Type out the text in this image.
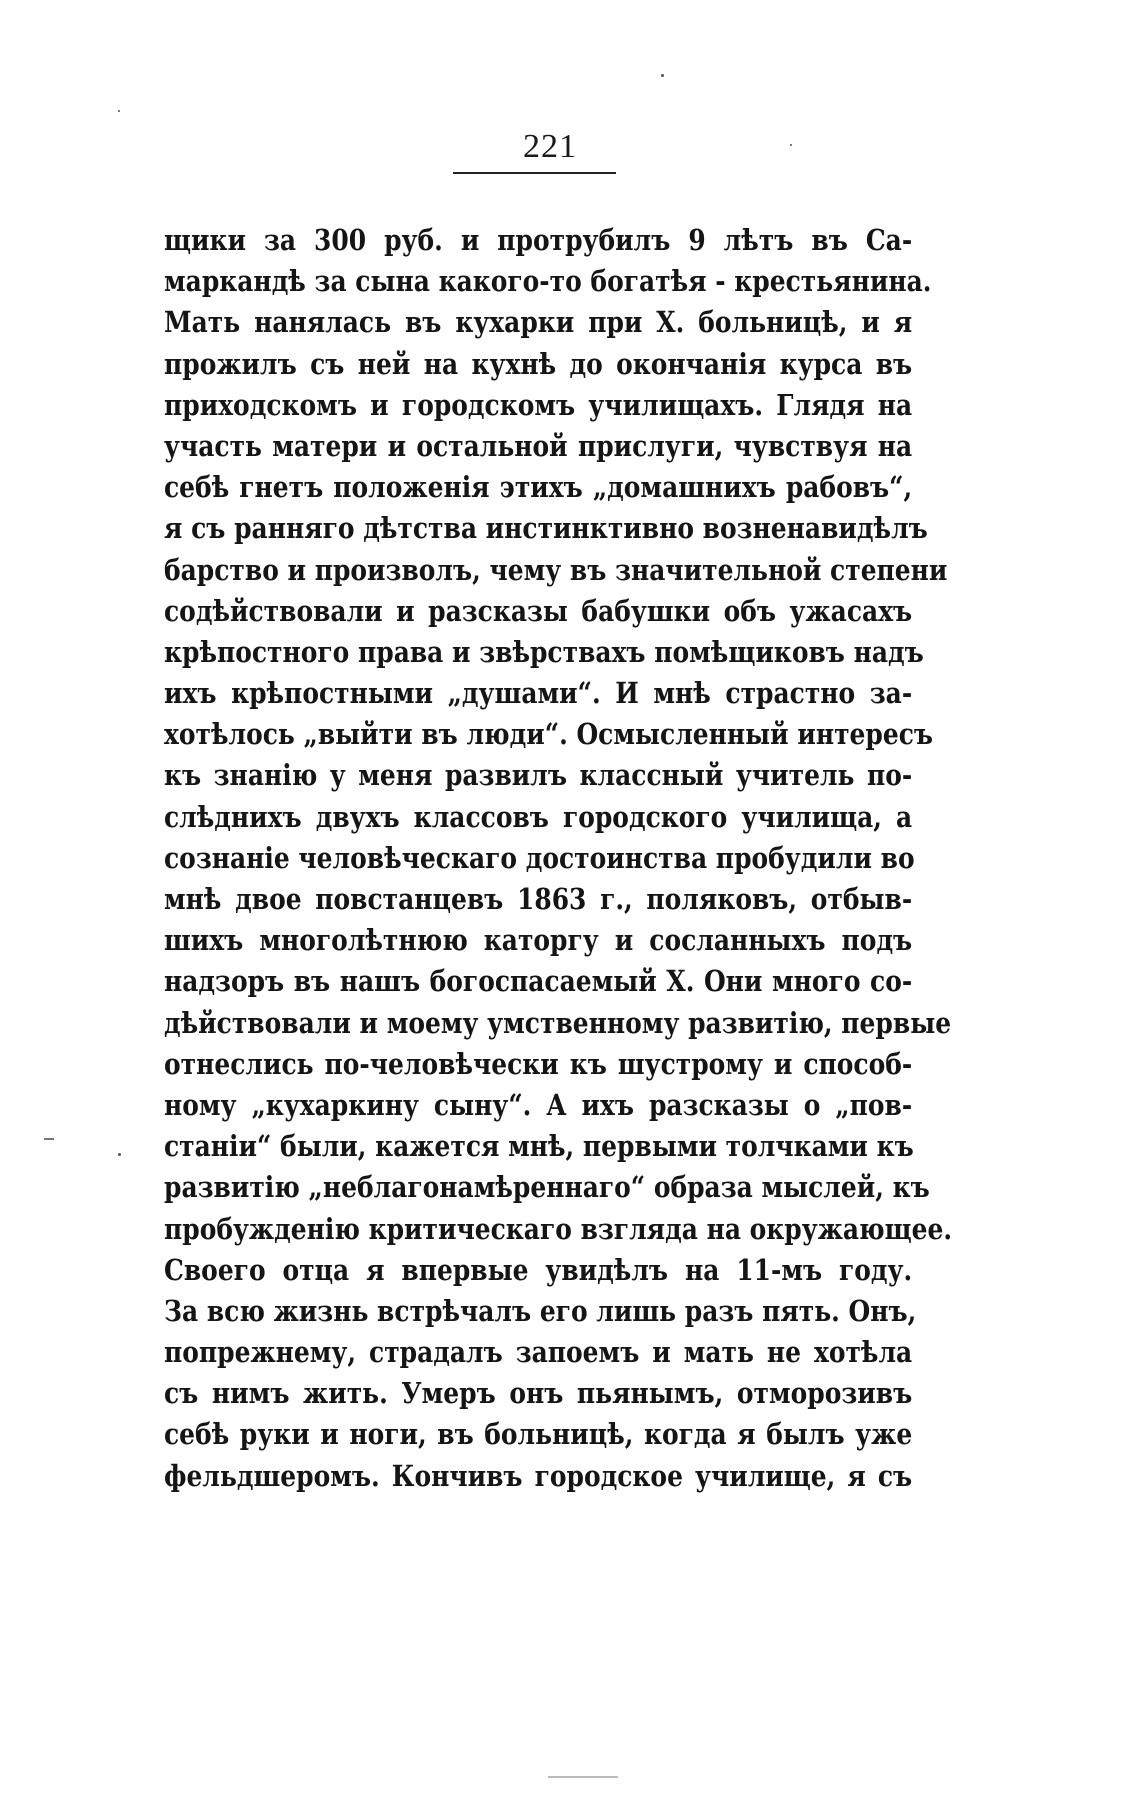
221
щики за 300 руб. и протрубилъ 9 лѣтъ въ Са-
маркандѣ за сына какого-то богатѣя - крестьянина.
Мать нанялась въ кухарки при X. больницѣ, и я
прожилъ съ ней на кухнѣ до окончанія курса въ
приходскомъ и городскомъ училищахъ. Глядя на
участь матери и остальной прислуги, чувствуя на
себѣ гнетъ положенія этихъ „домашнихъ рабовъ“,
я съ ранняго дѣтства инстинктивно возненавидѣлъ
барство и произволъ, чему въ значительной степени
содѣйствовали и разсказы бабушки объ ужасахъ
крѣпостного права и звѣрствахъ помѣщиковъ надъ
ихъ крѣпостными „душами“. И мнѣ страстно за-
хотѣлось „выйти въ люди“. Осмысленный интересъ
къ знанію у меня развилъ классный учитель по-
слѣднихъ двухъ классовъ городского училища, а
сознаніе человѣческаго достоинства пробудили во
мнѣ двое повстанцевъ 1863 г., поляковъ, отбыв-
шихъ многолѣтнюю каторгу и сосланныхъ подъ
надзоръ въ нашъ богоспасаемый X. Они много со-
дѣйствовали и моему умственному развитію, первые
отнеслись по-человѣчески къ шустрому и способ-
ному „кухаркину сыну“. А ихъ разсказы о „пов-
станіи“ были, кажется мнѣ, первыми толчками къ
развитію „неблагонамѣреннаго“ образа мыслей, къ
пробужденію критическаго взгляда на окружающее.
Своего отца я впервые увидѣлъ на 11-мъ году.
За всю жизнь встрѣчалъ его лишь разъ пять. Онъ,
попрежнему, страдалъ запоемъ и мать не хотѣла
съ нимъ жить. Умеръ онъ пьянымъ, отморозивъ
себѣ руки и ноги, въ больницѣ, когда я былъ уже
фельдшеромъ. Кончивъ городское училище, я съ
